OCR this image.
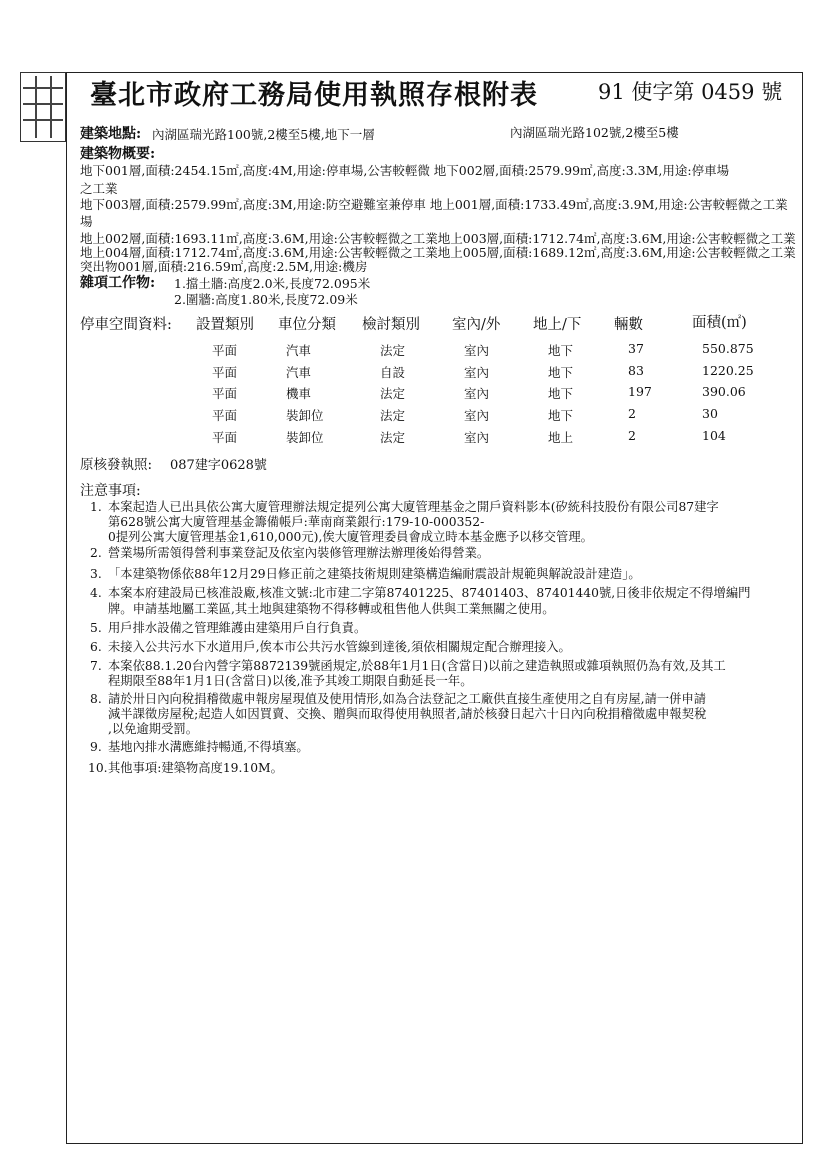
臺北市政府工務局使用執照存根附表	91 使字第 0459 號
建築地點: 內湖區瑞光路100號,2樓至5樓,地下一層	內湖區瑞光路102號,2樓至5樓
建築物概要:
地下001層,面積:2454.15㎡,高度:4M,用途:停車場,公害較輕微 地下002層,面積:2579.99㎡,高度:3.3M,用途:停車場
之工業
地下003層,面積:2579.99㎡,高度:3M,用途:防空避難室兼停車 地上001層,面積:1733.49㎡,高度:3.9M,用途:公害較輕微之工業
場
地上002層,面積:1693.11㎡,高度:3.6M,用途:公害較輕微之工業地上003層,面積:1712.74㎡,高度:3.6M,用途:公害較輕微之工業
地上004層,面積:1712.74㎡,高度:3.6M,用途:公害較輕微之工業地上005層,面積:1689.12㎡,高度:3.6M,用途:公害較輕微之工業
突出物001層,面積:216.59㎡,高度:2.5M,用途:機房
雜項工作物: 1.擋土牆:高度2.0米,長度72.095米
2.圍牆:高度1.80米,長度72.09米
停車空間資料: 設置類別 車位分類 檢討類別 室內/外 地上/下 輛數	面積(㎡)
平面	汽車	法定	室內	地下	37	550.875
平面	汽車	自設	室內	地下	83	1220.25
平面	機車	法定	室內	地下	197	390.06
平面	裝卸位	法定	室內	地下	2	30
平面	裝卸位	法定	室內	地上	2	104
原核發執照: 087建字0628號
注意事項:
1. 本案起造人已出具依公寓大廈管理辦法規定提列公寓大廈管理基金之開戶資料影本(矽統科技股份有限公司87建字
第628號公寓大廈管理基金籌備帳戶:華南商業銀行:179-10-000352-
0提列公寓大廈管理基金1,610,000元),俟大廈管理委員會成立時本基金應予以移交管理。
2. 營業場所需領得營利事業登記及依室內裝修管理辦法辦理後始得營業。
3. 「本建築物係依88年12月29日修正前之建築技術規則建築構造編耐震設計規範與解說設計建造」。
4. 本案本府建設局已核准設廠,核准文號:北市建二字第87401225、87401403、87401440號,日後非依規定不得增編門
牌。申請基地屬工業區,其土地與建築物不得移轉或租售他人供與工業無關之使用。
5. 用戶排水設備之管理維護由建築用戶自行負責。
6. 未接入公共污水下水道用戶,俟本市公共污水管線到達後,須依相關規定配合辦理接入。
7. 本案依88.1.20台內營字第8872139號函規定,於88年1月1日(含當日)以前之建造執照或雜項執照仍為有效,及其工
程期限至88年1月1日(含當日)以後,准予其竣工期限自動延長一年。
8. 請於卅日內向稅捐稽徵處申報房屋現值及使用情形,如為合法登記之工廠供直接生產使用之自有房屋,請一併申請
減半課徵房屋稅;起造人如因買賣、交換、贈與而取得使用執照者,請於核發日起六十日內向稅捐稽徵處申報契稅
,以免逾期受罰。
9. 基地內排水溝應維持暢通,不得填塞。
10. 其他事項:建築物高度19.10M。
